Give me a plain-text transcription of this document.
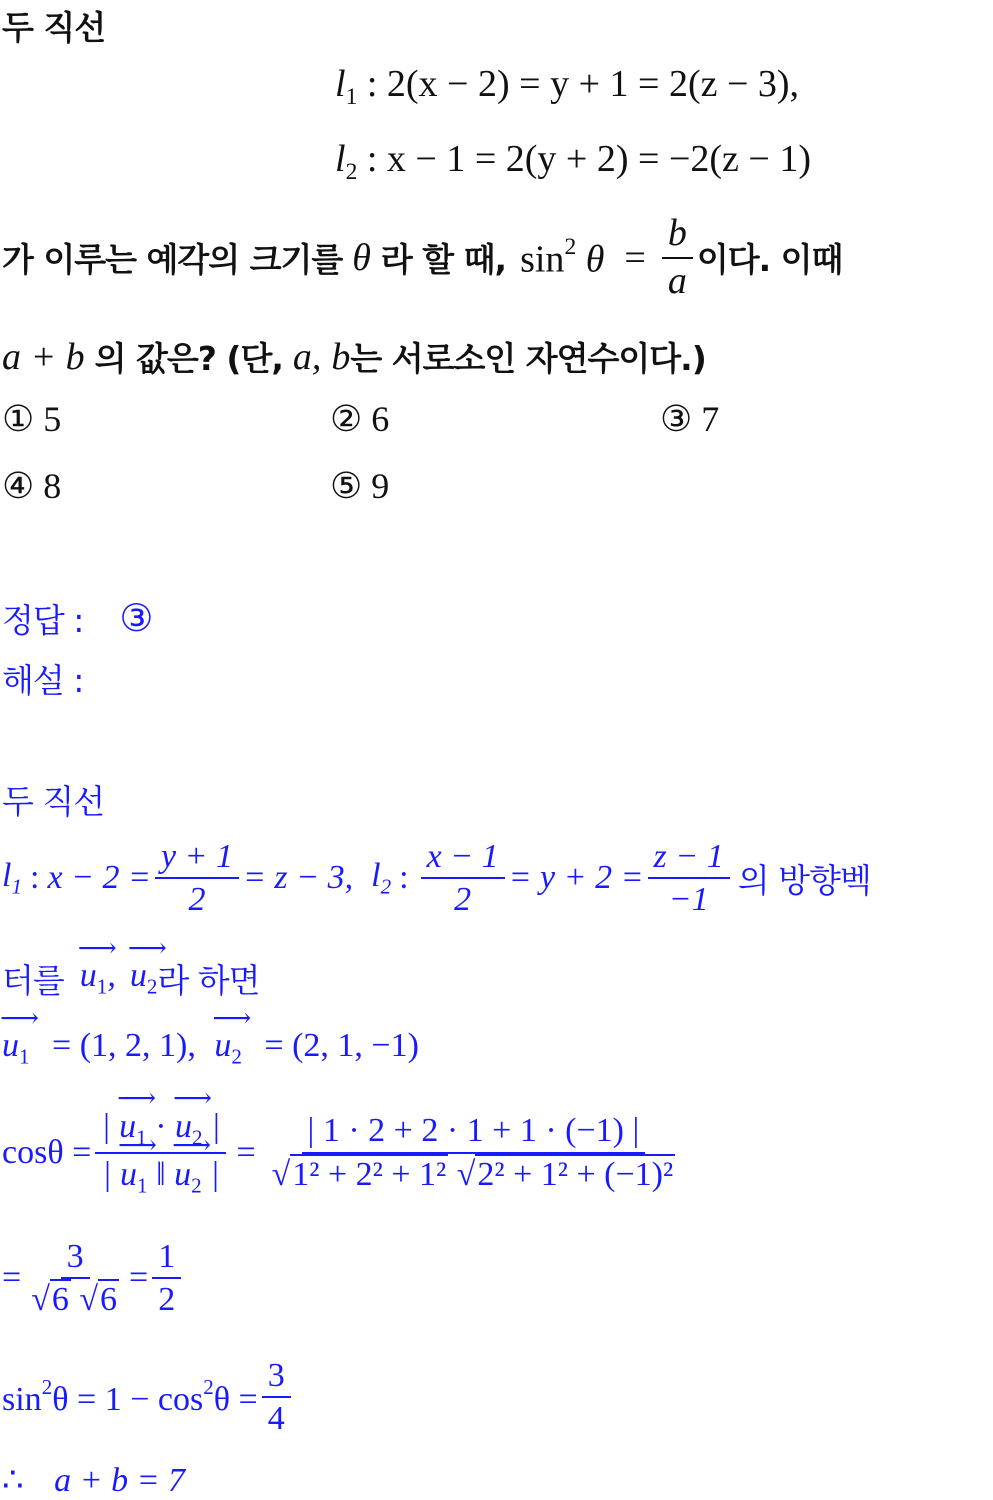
두 직선
$l_1$ : 2(x − 2) = y + 1 = 2(z − 3),
$l_2$ : x − 1 = 2(y + 2) = −2(z − 1)
가 이루는 예각의 크기를 θ 라 할 때, $\sin^2 \theta = \frac{b}{a}$ 이다. 이때
a + b 의 값은? (단, a, b 는 서로소인 자연수이다.)
① 5	② 6	③ 7
④ 8	⑤ 9
정답 : ③
해설 :
두 직선
$l_1$ : $x - 2 = \frac{y + 1}{2} = z - 3$, $l_2$ : $\frac{x - 1}{2} = y + 2 = \frac{z - 1}{-1}$ 의 방향벡
터를 ⟶ $u_1$, ⟶ $u_2$ 라 하면
⟶ $u_1 = (1$, 2, 1), ⟶ $u_2 = (2$, 1, −1)
$\cos\theta = \frac{| ⟶ u_1 \cdot ⟶ u_2 |}{| ⟶ u_1 ‖ ⟶ u_2 |} = \frac{| 1 \cdot 2 + 2 \cdot 1 + 1 \cdot (-1) |}{\text{√1² + 2² + 1² √2² + 1² + (−1)²}}$
= $\frac{3}{√6 √6} = \frac{1}{2}$
$\sin^2\theta = 1 - \cos^2\theta = \frac{3}{4}$
∴ a + b = 7
